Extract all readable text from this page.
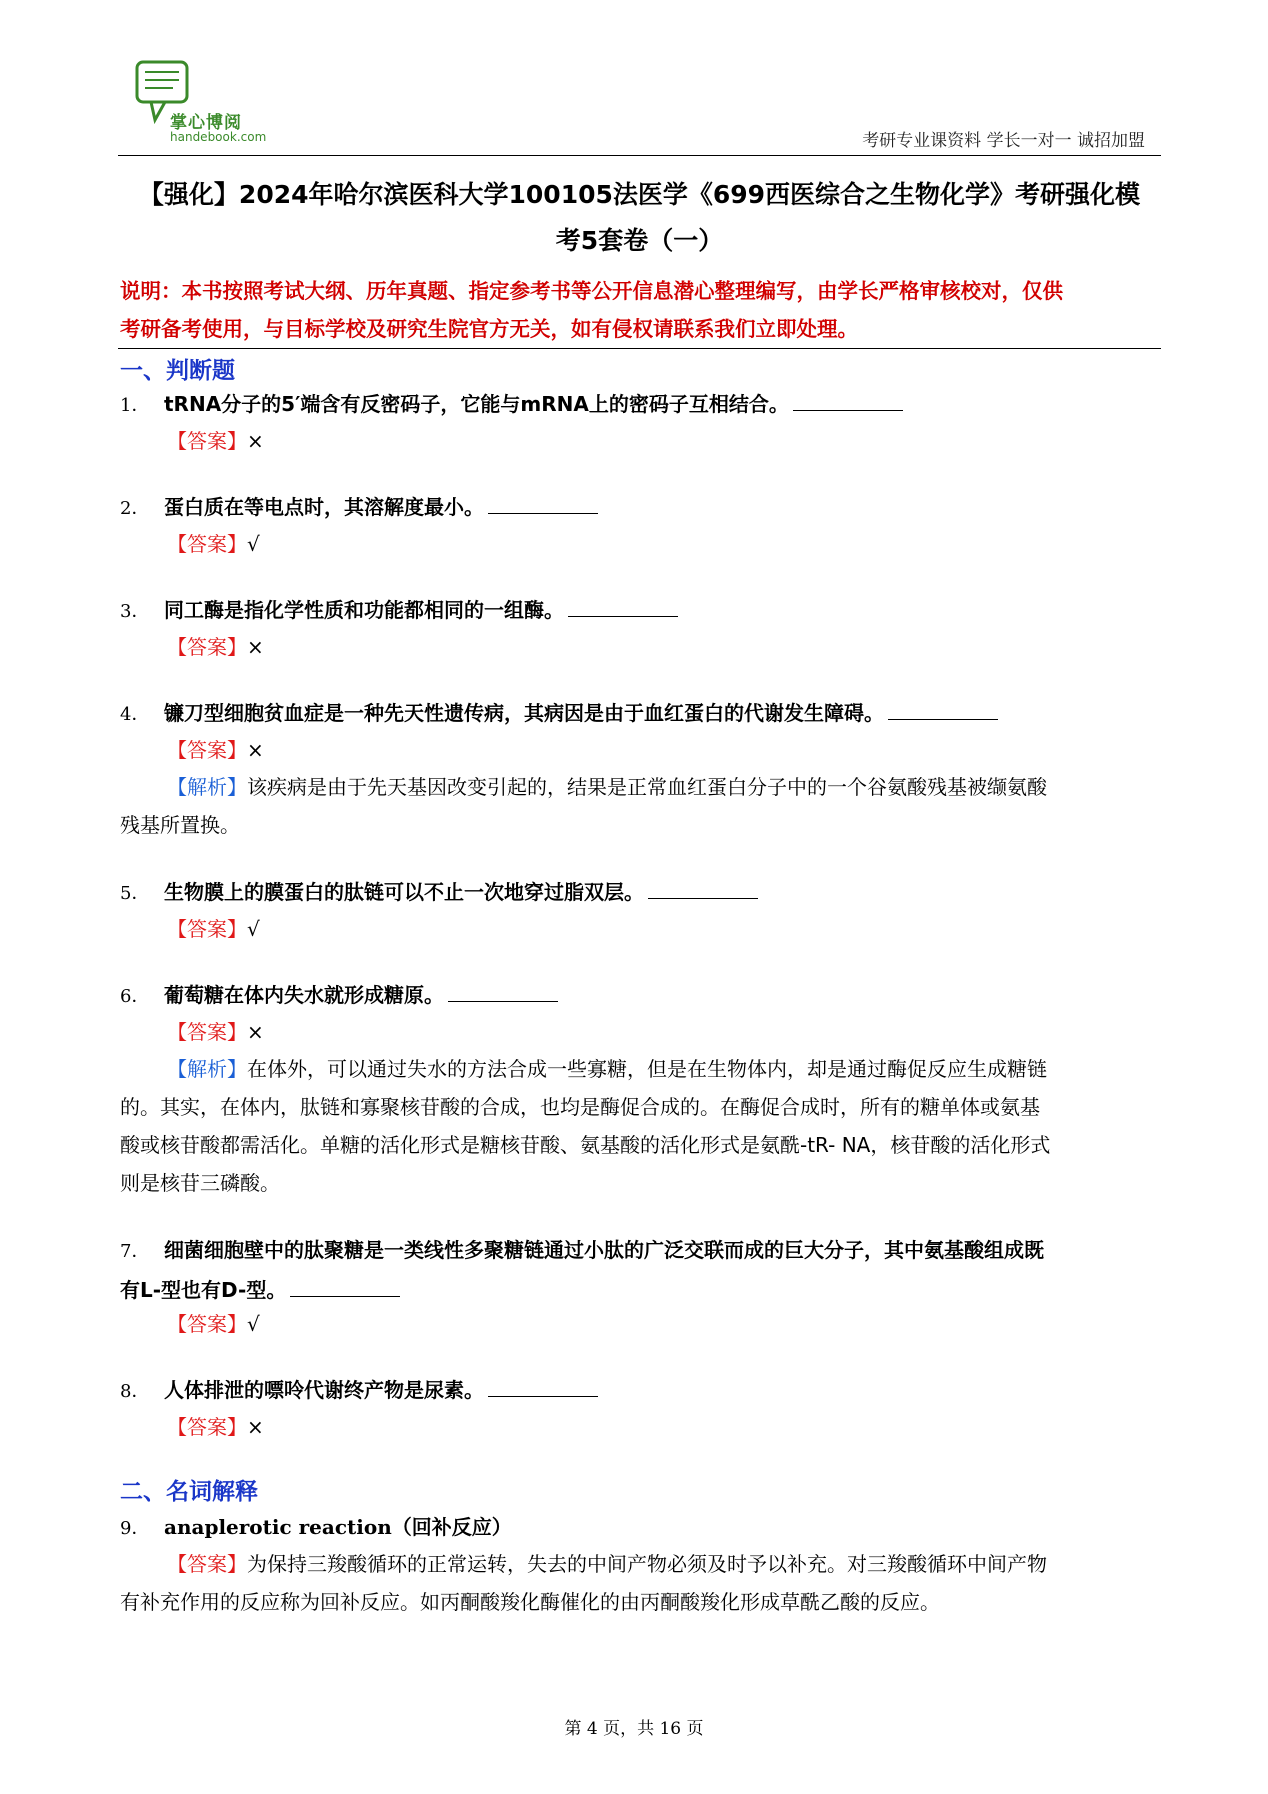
掌心博阅
handebook.com	考研专业课资料 学长一对一 诚招加盟
【强化】2024年哈尔滨医科大学100105法医学《699西医综合之生物化学》考研强化模
考5套卷（一）
说明：本书按照考试大纲、历年真题、指定参考书等公开信息潜心整理编写，由学长严格审核校对，仅供
考研备考使用，与目标学校及研究生院官方无关，如有侵权请联系我们立即处理。
一、判断题
1． tRNA分子的5′端含有反密码子，它能与mRNA上的密码子互相结合。
【答案】×
2． 蛋白质在等电点时，其溶解度最小。
【答案】√
3． 同工酶是指化学性质和功能都相同的一组酶。
【答案】×
4． 镰刀型细胞贫血症是一种先天性遗传病，其病因是由于血红蛋白的代谢发生障碍。
【答案】×
【解析】该疾病是由于先天基因改变引起的，结果是正常血红蛋白分子中的一个谷氨酸残基被缬氨酸
残基所置换。
5． 生物膜上的膜蛋白的肽链可以不止一次地穿过脂双层。
【答案】√
6． 葡萄糖在体内失水就形成糖原。
【答案】×
【解析】在体外，可以通过失水的方法合成一些寡糖，但是在生物体内，却是通过酶促反应生成糖链
的。其实，在体内，肽链和寡聚核苷酸的合成，也均是酶促合成的。在酶促合成时，所有的糖单体或氨基
酸或核苷酸都需活化。单糖的活化形式是糖核苷酸、氨基酸的活化形式是氨酰-tR- NA，核苷酸的活化形式
则是核苷三磷酸。
7． 细菌细胞壁中的肽聚糖是一类线性多聚糖链通过小肽的广泛交联而成的巨大分子，其中氨基酸组成既
有L-型也有D-型。
【答案】√
8． 人体排泄的嘌呤代谢终产物是尿素。
【答案】×
二、名词解释
9． anaplerotic reaction（回补反应）
【答案】为保持三羧酸循环的正常运转，失去的中间产物必须及时予以补充。对三羧酸循环中间产物
有补充作用的反应称为回补反应。如丙酮酸羧化酶催化的由丙酮酸羧化形成草酰乙酸的反应。
第 4 页，共 16 页
